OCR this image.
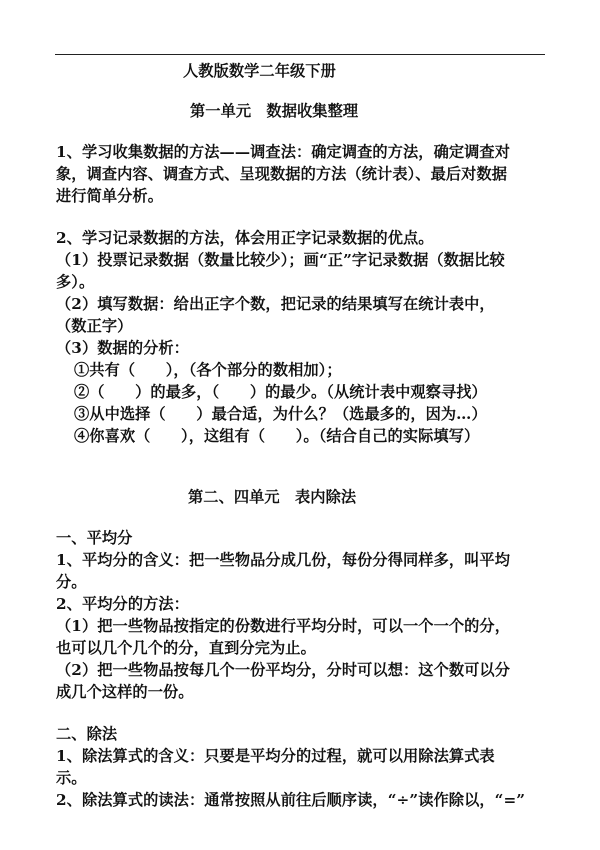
人教版数学二年级下册
第一单元　数据收集整理
1、学习收集数据的方法——调查法：确定调查的方法，确定调查对
象，调查内容、调查方式、呈现数据的方法（统计表）、最后对数据
进行简单分析。
2、学习记录数据的方法，体会用正字记录数据的优点。
（1）投票记录数据（数量比较少）；画“正”字记录数据（数据比较
多）。
（2）填写数据：给出正字个数，把记录的结果填写在统计表中，
（数正字）
（3）数据的分析：
①共有（　　），（各个部分的数相加）；
②（　　）的最多，（　　）的最少。（从统计表中观察寻找）
③从中选择（　　）最合适，为什么？（选最多的，因为…）
④你喜欢（　　），这组有（　　）。（结合自己的实际填写）
第二、四单元　表内除法
一、平均分
1、平均分的含义：把一些物品分成几份，每份分得同样多，叫平均
分。
2、平均分的方法：
（1）把一些物品按指定的份数进行平均分时，可以一个一个的分，
也可以几个几个的分，直到分完为止。
（2）把一些物品按每几个一份平均分，分时可以想：这个数可以分
成几个这样的一份。
二、除法
1、除法算式的含义：只要是平均分的过程，就可以用除法算式表
示。
2、除法算式的读法：通常按照从前往后顺序读，“÷”读作除以，“=”
